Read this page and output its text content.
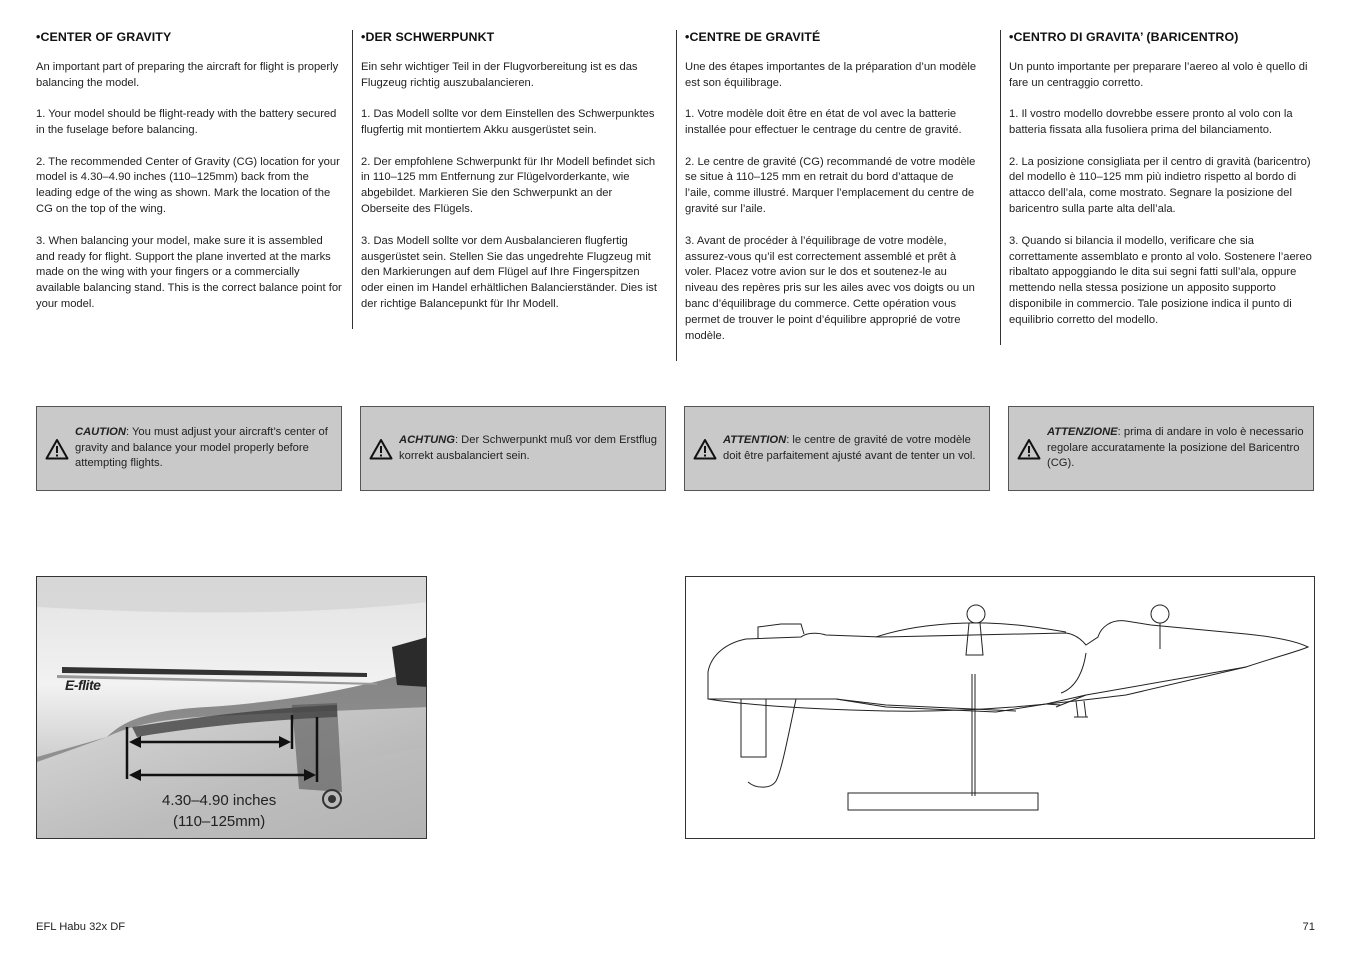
•CENTER OF GRAVITY

An important part of preparing the aircraft for flight is properly balancing the model.

1. Your model should be flight-ready with the battery secured in the fuselage before balancing.

2. The recommended Center of Gravity (CG) location for your model is 4.30–4.90 inches (110–125mm) back from the leading edge of the wing as shown. Mark the location of the CG on the top of the wing.

3. When balancing your model, make sure it is assembled and ready for flight. Support the plane inverted at the marks made on the wing with your fingers or a commercially available balancing stand. This is the correct balance point for your model.

•DER SCHWERPUNKT

Ein sehr wichtiger Teil in der Flugvorbereitung ist es das Flugzeug richtig auszubalancieren.

1. Das Modell sollte vor dem Einstellen des Schwerpunktes flugfertig mit montiertem Akku ausgerüstet sein.

2. Der empfohlene Schwerpunkt für Ihr Modell befindet sich in 110–125 mm Entfernung zur Flügelvorderkante, wie abgebildet. Markieren Sie den Schwerpunkt an der Oberseite des Flügels.

3. Das Modell sollte vor dem Ausbalancieren flugfertig ausgerüstet sein. Stellen Sie das ungedrehte Flugzeug mit den Markierungen auf dem Flügel auf Ihre Fingerspitzen oder einen im Handel erhältlichen Balancierständer. Dies ist der richtige Balancepunkt für Ihr Modell.

•CENTRE DE GRAVITÉ

Une des étapes importantes de la préparation d’un modèle est son équilibrage.

1. Votre modèle doit être en état de vol avec la batterie installée pour effectuer le centrage du centre de gravité.

2. Le centre de gravité (CG) recommandé de votre modèle se situe à 110–125 mm en retrait du bord d’attaque de l’aile, comme illustré. Marquer l’emplacement du centre de gravité sur l’aile.

3. Avant de procéder à l’équilibrage de votre modèle, assurez-vous qu’il est correctement assemblé et prêt à voler. Placez votre avion sur le dos et soutenez-le au niveau des repères pris sur les ailes avec vos doigts ou un banc d’équilibrage du commerce. Cette opération vous permet de trouver le point d’équilibre approprié de votre modèle.

•CENTRO DI GRAVITA’ (BARICENTRO)

Un punto importante per preparare l’aereo al volo è quello di fare un centraggio corretto.

1. Il vostro modello dovrebbe essere pronto al volo con la batteria fissata alla fusoliera prima del bilanciamento.

2. La posizione consigliata per il centro di gravità (baricentro) del modello è 110–125 mm più indietro rispetto al bordo di attacco dell’ala, come mostrato. Segnare la posizione del baricentro sulla parte alta dell’ala.

3. Quando si bilancia il modello, verificare che sia correttamente assemblato e pronto al volo. Sostenere l’aereo ribaltato appoggiando le dita sui segni fatti sull’ala, oppure mettendo nella stessa posizione un apposito supporto disponibile in commercio. Tale posizione indica il punto di equilibrio corretto del modello.

CAUTION: You must adjust your aircraft’s center of gravity and balance your model properly before attempting flights.
ACHTUNG: Der Schwerpunkt muß vor dem Erstflug korrekt ausbalanciert sein.
ATTENTION: le centre de gravité de votre modèle doit être parfaitement ajusté avant de tenter un vol.
ATTENZIONE: prima di andare in volo è necessario regolare accuratamente la posizione del Baricentro (CG).
E-flite
4.30–4.90 inches
(110–125mm)
EFL Habu 32x DF	71
